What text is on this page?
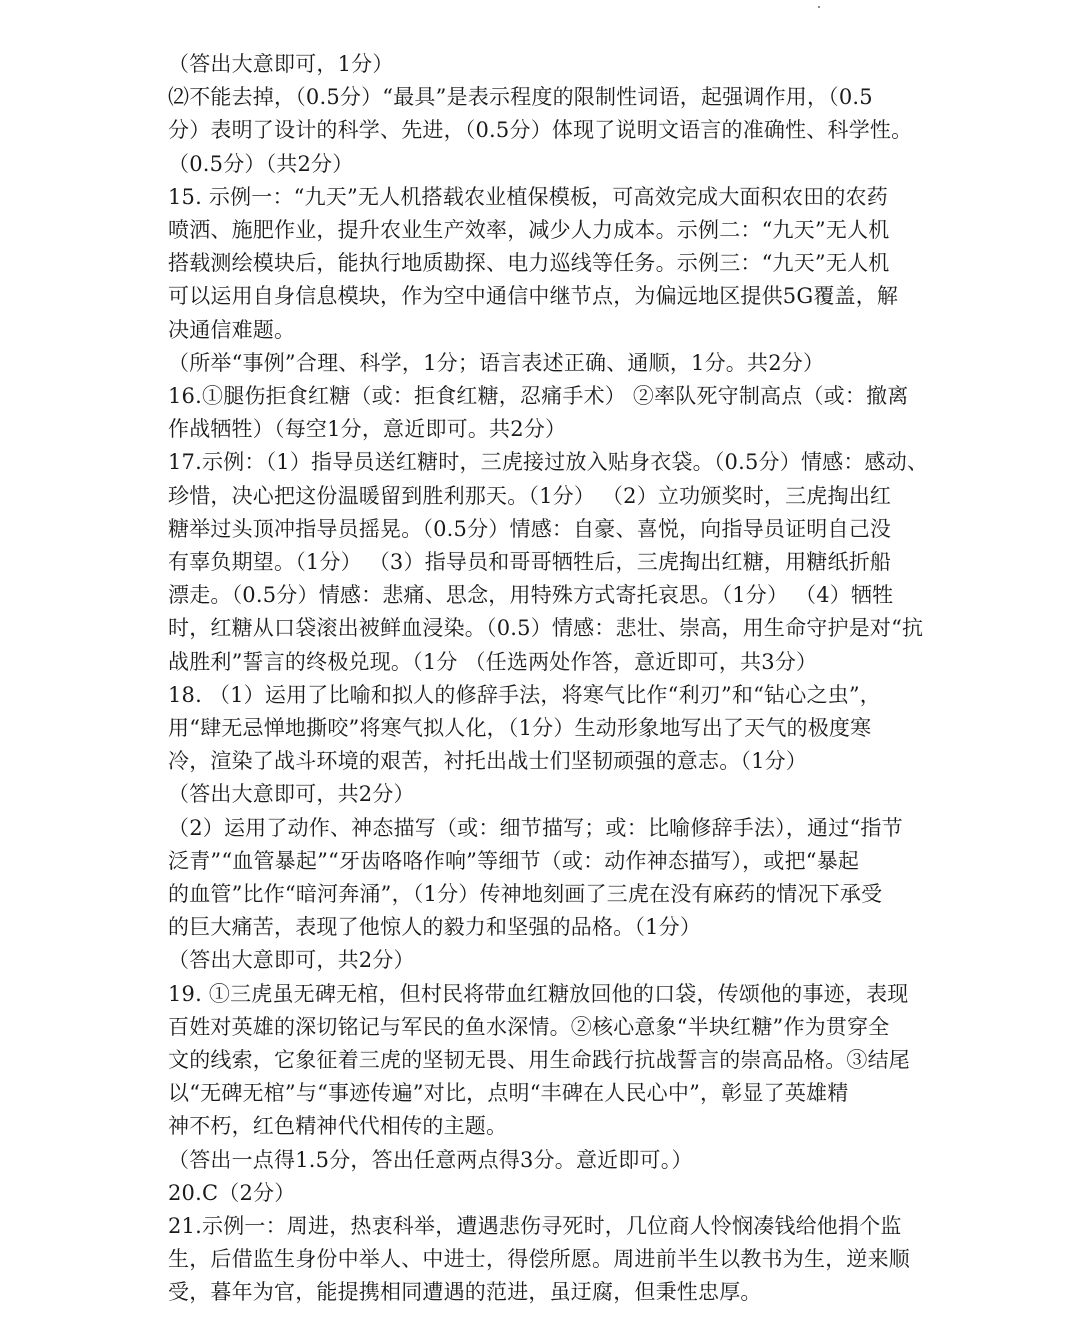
（答出大意即可，1分）
⑵不能去掉，（0.5分）“最具”是表示程度的限制性词语，起强调作用，（0.5
分）表明了设计的科学、先进，（0.5分）体现了说明文语言的准确性、科学性。
（0.5分）（共2分）
15. 示例一：“九天”无人机搭载农业植保模板，可高效完成大面积农田的农药
喷洒、施肥作业，提升农业生产效率，减少人力成本。示例二：“九天”无人机
搭载测绘模块后，能执行地质勘探、电力巡线等任务。示例三：“九天”无人机
可以运用自身信息模块，作为空中通信中继节点，为偏远地区提供5G覆盖，解
决通信难题。
（所举“事例”合理、科学，1分；语言表述正确、通顺，1分。共2分）
16.①腿伤拒食红糖（或：拒食红糖，忍痛手术） ②率队死守制高点（或：撤离
作战牺牲）（每空1分，意近即可。共2分）
17.示例：（1）指导员送红糖时，三虎接过放入贴身衣袋。（0.5分）情感：感动、
珍惜，决心把这份温暖留到胜利那天。（1分） （2）立功颁奖时，三虎掏出红
糖举过头顶冲指导员摇晃。（0.5分）情感：自豪、喜悦，向指导员证明自己没
有辜负期望。（1分） （3）指导员和哥哥牺牲后，三虎掏出红糖，用糖纸折船
漂走。（0.5分）情感：悲痛、思念，用特殊方式寄托哀思。（1分） （4）牺牲
时，红糖从口袋滚出被鲜血浸染。（0.5）情感：悲壮、崇高，用生命守护是对“抗
战胜利”誓言的终极兑现。（1分 （任选两处作答，意近即可，共3分）
18. （1）运用了比喻和拟人的修辞手法，将寒气比作“利刃”和“钻心之虫”，
用“肆无忌惮地撕咬”将寒气拟人化，（1分）生动形象地写出了天气的极度寒
冷，渲染了战斗环境的艰苦，衬托出战士们坚韧顽强的意志。（1分）
（答出大意即可，共2分）
（2）运用了动作、神态描写（或：细节描写；或：比喻修辞手法），通过“指节
泛青”“血管暴起”“牙齿咯咯作响”等细节（或：动作神态描写），或把“暴起
的血管”比作“暗河奔涌”，（1分）传神地刻画了三虎在没有麻药的情况下承受
的巨大痛苦，表现了他惊人的毅力和坚强的品格。（1分）
（答出大意即可，共2分）
19. ①三虎虽无碑无棺，但村民将带血红糖放回他的口袋，传颂他的事迹，表现
百姓对英雄的深切铭记与军民的鱼水深情。②核心意象“半块红糖”作为贯穿全
文的线索，它象征着三虎的坚韧无畏、用生命践行抗战誓言的崇高品格。③结尾
以“无碑无棺”与“事迹传遍”对比，点明“丰碑在人民心中”，彰显了英雄精
神不朽，红色精神代代相传的主题。
（答出一点得1.5分，答出任意两点得3分。意近即可。）
20.C（2分）
21.示例一：周进，热衷科举，遭遇悲伤寻死时，几位商人怜悯凑钱给他捐个监
生，后借监生身份中举人、中进士，得偿所愿。周进前半生以教书为生，逆来顺
受，暮年为官，能提携相同遭遇的范进，虽迂腐，但秉性忠厚。
